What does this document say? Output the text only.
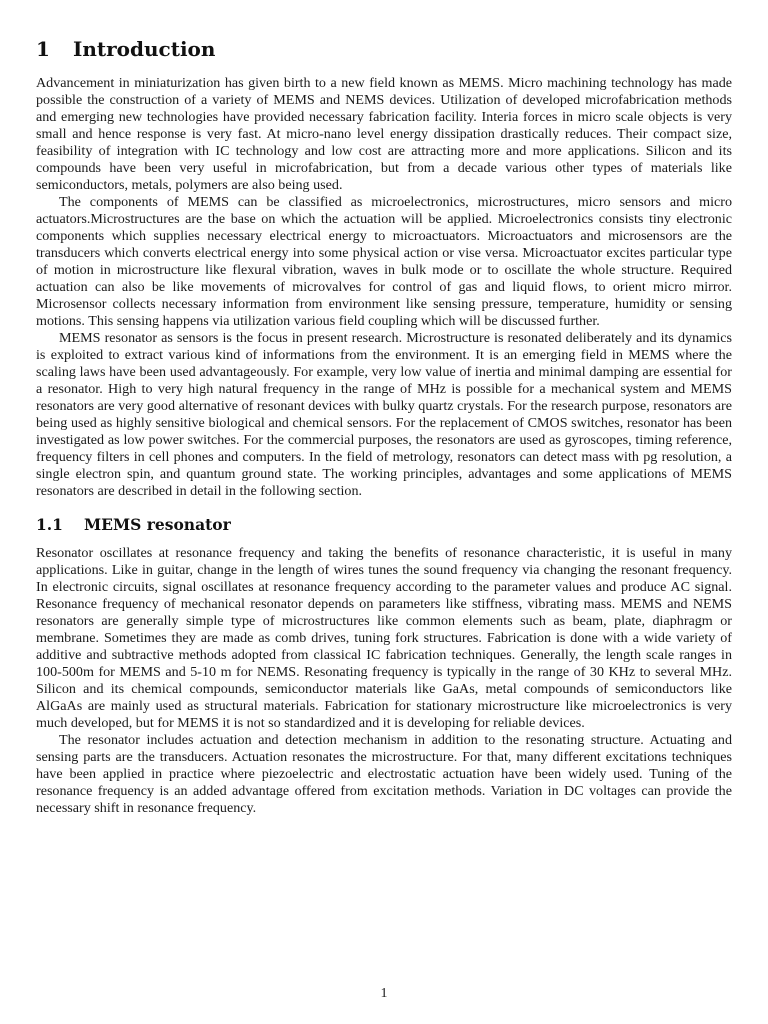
1 Introduction

Advancement in miniaturization has given birth to a new field known as MEMS. Micro machining technology has made possible the construction of a variety of MEMS and NEMS devices. Utilization of developed microfabrication methods and emerging new technologies have provided necessary fabrication facility. Interia forces in micro scale objects is very small and hence response is very fast. At micro-nano level energy dissipation drastically reduces. Their compact size, feasibility of integration with IC technology and low cost are attracting more and more applications. Silicon and its compounds have been very useful in microfabrication, but from a decade various other types of materials like semiconductors, metals, polymers are also being used.

The components of MEMS can be classified as microelectronics, microstructures, micro sensors and micro actuators.Microstructures are the base on which the actuation will be applied. Microelectronics consists tiny electronic components which supplies necessary electrical energy to microactuators. Microactuators and microsensors are the transducers which converts electrical energy into some physical action or vise versa. Microactuator excites particular type of motion in microstructure like flexural vibration, waves in bulk mode or to oscillate the whole structure. Required actuation can also be like movements of microvalves for control of gas and liquid flows, to orient micro mirror. Microsensor collects necessary information from environment like sensing pressure, temperature, humidity or sensing motions. This sensing happens via utilization various field coupling which will be discussed further.

MEMS resonator as sensors is the focus in present research. Microstructure is resonated deliberately and its dynamics is exploited to extract various kind of informations from the environment. It is an emerging field in MEMS where the scaling laws have been used advantageously. For example, very low value of inertia and minimal damping are essential for a resonator. High to very high natural frequency in the range of MHz is possible for a mechanical system and MEMS resonators are very good alternative of resonant devices with bulky quartz crystals. For the research purpose, resonators are being used as highly sensitive biological and chemical sensors. For the replacement of CMOS switches, resonator has been investigated as low power switches. For the commercial purposes, the resonators are used as gyroscopes, timing reference, frequency filters in cell phones and computers. In the field of metrology, resonators can detect mass with pg resolution, a single electron spin, and quantum ground state. The working principles, advantages and some applications of MEMS resonators are described in detail in the following section.

1.1 MEMS resonator

Resonator oscillates at resonance frequency and taking the benefits of resonance characteristic, it is useful in many applications. Like in guitar, change in the length of wires tunes the sound frequency via changing the resonant frequency. In electronic circuits, signal oscillates at resonance frequency according to the parameter values and produce AC signal. Resonance frequency of mechanical resonator depends on parameters like stiffness, vibrating mass. MEMS and NEMS resonators are generally simple type of microstructures like common elements such as beam, plate, diaphragm or membrane. Sometimes they are made as comb drives, tuning fork structures. Fabrication is done with a wide variety of additive and subtractive methods adopted from classical IC fabrication techniques. Generally, the length scale ranges in 100-500m for MEMS and 5-10 m for NEMS. Resonating frequency is typically in the range of 30 KHz to several MHz. Silicon and its chemical compounds, semiconductor materials like GaAs, metal compounds of semiconductors like AlGaAs are mainly used as structural materials. Fabrication for stationary microstructure like microelectronics is very much developed, but for MEMS it is not so standardized and it is developing for reliable devices.

The resonator includes actuation and detection mechanism in addition to the resonating structure. Actuating and sensing parts are the transducers. Actuation resonates the microstructure. For that, many different excitations techniques have been applied in practice where piezoelectric and electrostatic actuation have been widely used. Tuning of the resonance frequency is an added advantage offered from excitation methods. Variation in DC voltages can provide the necessary shift in resonance frequency.

1
